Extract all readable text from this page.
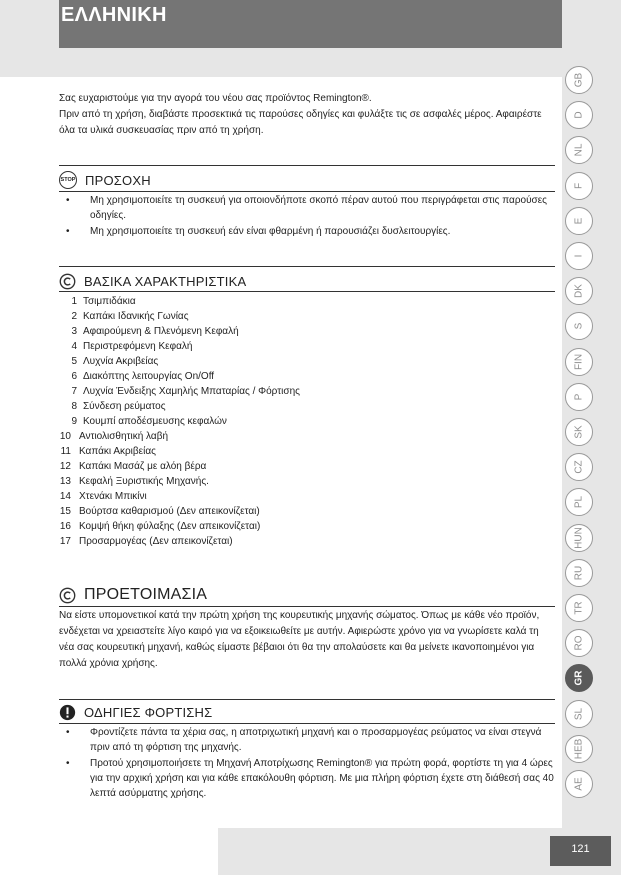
ΕΛΛΗΝΙΚΗ
121
GB
D
NL
F
E
I
DK
S
FIN
P
SK
CZ
PL
HUN
RU
TR
RO
GR
SL
HEB
AE

Σας ευχαριστούμε για την αγορά του νέου σας προϊόντος Remington®.

Πριν από τη χρήση, διαβάστε προσεκτικά τις παρούσες οδηγίες και φυλάξτε τις σε ασφαλές μέρος. Αφαιρέστε όλα τα υλικά συσκευασίας πριν από τη χρήση.

STOP ΠΡΟΣΟΧΗ
• Μη χρησιμοποιείτε τη συσκευή για οποιονδήποτε σκοπό πέραν αυτού που περιγράφεται στις παρούσες οδηγίες.
• Μη χρησιμοποιείτε τη συσκευή εάν είναι φθαρμένη ή παρουσιάζει δυσλειτουργίες.
ΒΑΣΙΚΑ ΧΑΡΑΚΤΗΡΙΣΤΙΚΑ
1 Τσιμπιδάκια
2 Καπάκι Ιδανικής Γωνίας
3 Αφαιρούμενη & Πλενόμενη Κεφαλή
4 Περιστρεφόμενη Κεφαλή
5 Λυχνία Ακριβείας
6 Διακόπτης λειτουργίας On/Off
7 Λυχνία Ένδειξης Χαμηλής Μπαταρίας / Φόρτισης
8 Σύνδεση ρεύματος
9 Κουμπί αποδέσμευσης κεφαλών
10 Αντιολισθητική λαβή
11 Καπάκι Ακριβείας
12 Καπάκι Μασάζ με αλόη βέρα
13 Κεφαλή Ξυριστικής Μηχανής.
14 Χτενάκι Μπικίνι
15 Βούρτσα καθαρισμού (Δεν απεικονίζεται)
16 Κομψή θήκη φύλαξης (Δεν απεικονίζεται)
17 Προσαρμογέας (Δεν απεικονίζεται)
ΠΡΟΕΤΟΙΜΑΣΙΑ

Να είστε υπομονετικοί κατά την πρώτη χρήση της κουρευτικής μηχανής σώματος. Όπως με κάθε νέο προϊόν, ενδέχεται να χρειαστείτε λίγο καιρό για να εξοικειωθείτε με αυτήν. Αφιερώστε χρόνο για να γνωρίσετε καλά τη νέα σας κουρευτική μηχανή, καθώς είμαστε βέβαιοι ότι θα την απολαύσετε και θα μείνετε ικανοποιημένοι για πολλά χρόνια χρήσης.

ΟΔΗΓΙΕΣ ΦΟΡΤΙΣΗΣ
• Φροντίζετε πάντα τα χέρια σας, η αποτριχωτική μηχανή και ο προσαρμογέας ρεύματος να είναι στεγνά πριν από τη φόρτιση της μηχανής.
• Προτού χρησιμοποιήσετε τη Μηχανή Αποτρίχωσης Remington® για πρώτη φορά, φορτίστε τη για 4 ώρες για την αρχική χρήση και για κάθε επακόλουθη φόρτιση. Με μια πλήρη φόρτιση έχετε στη διάθεσή σας 40 λεπτά ασύρματης χρήσης.
